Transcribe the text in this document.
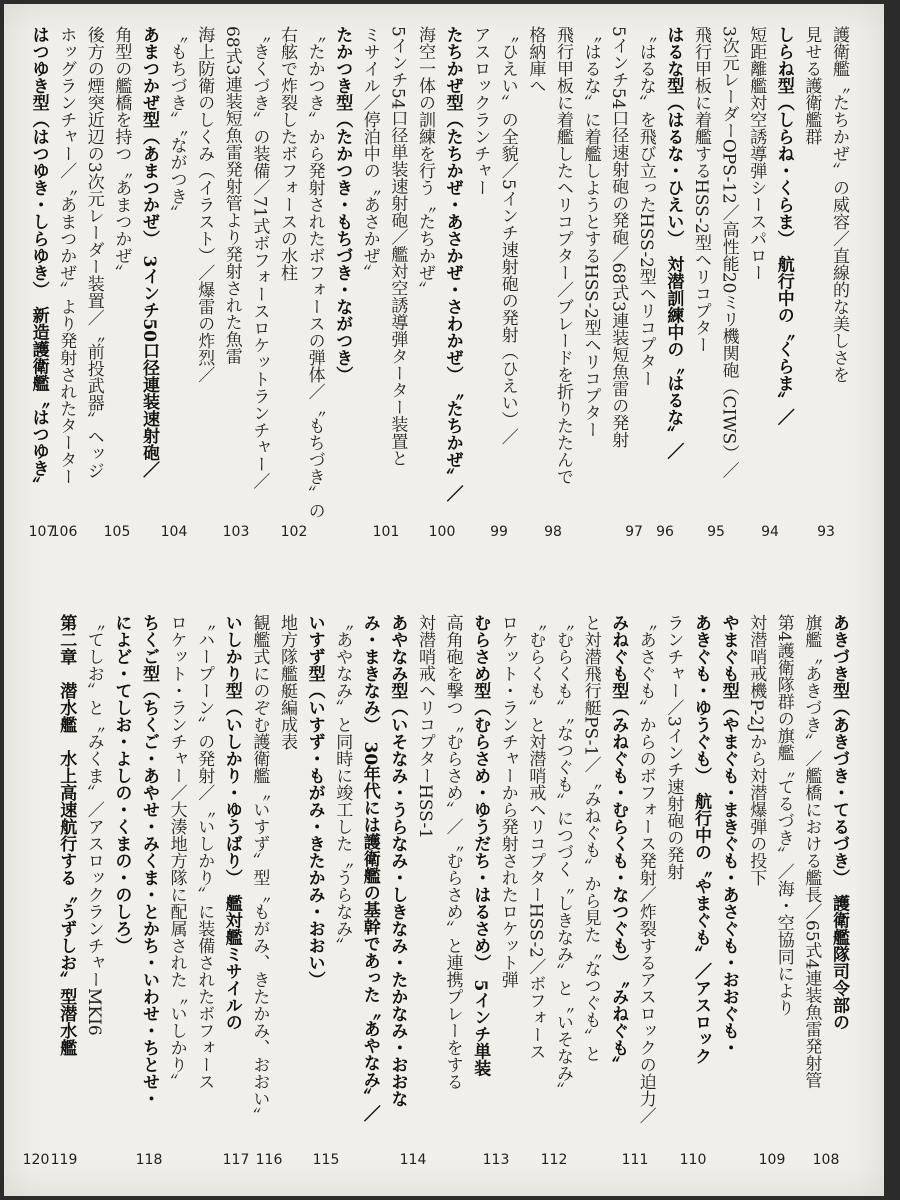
護衛艦〝たちかぜ〟の威容／直線的な美しさを
見せる護衛艦群
しらね型（しらね・くらま）　航行中の〝くらま〟／
短距離艦対空誘導弾シースパロー
3次元レーダーOPS-12／高性能20ミリ機関砲（CIWS）／
飛行甲板に着艦するHSS-2型ヘリコプター
はるな型（はるな・ひえい）　対潜訓練中の〝はるな〟／
〝はるな〟を飛び立ったHSS-2型ヘリコプター
5インチ54口径速射砲の発砲／68式3連装短魚雷の発射
〝はるな〟に着艦しようとするHSS-2型ヘリコプター
飛行甲板に着艦したヘリコプター／ブレードを折りたたんで
格納庫へ
〝ひえい〟の全貌／5インチ速射砲の発射（ひえい）／
アスロックランチャー
たちかぜ型（たちかぜ・あさかぜ・さわかぜ）　〝たちかぜ〟／
海空一体の訓練を行う〝たちかぜ〟
5インチ54口径単装速射砲／艦対空誘導弾ターター装置と
ミサイル／停泊中の〝あさかぜ〟
たかつき型（たかつき・もちづき・ながつき）
〝たかつき〟から発射されたボフォースの弾体／〝もちづき〟の
右舷で炸裂したボフォースの水柱
〝きくづき〟の装備／71式ボフォースロケットランチャー／
68式3連装短魚雷発射管より発射された魚雷
海上防衛のしくみ（イラスト）／爆雷の炸烈／
〝もちづき〟〝ながつき〟
あまつかぜ型（あまつかぜ）　3インチ50口径連装速射砲／
角型の艦橋を持つ〝あまつかぜ〟
後方の煙突近辺の3次元レーダー装置／〝前投武器〟ヘッジ
ホッグランチャー／〝あまつかぜ〟より発射されたターター
はつゆき型（はつゆき・しらゆき）　新造護衛艦〝はつゆき〟
あきづき型（あきづき・てるづき）　護衛艦隊司令部の
旗艦〝あきづき〟／艦橋における艦長／65式4連装魚雷発射管
第4護衛隊群の旗艦〝てるづき〟／海・空協同により
対潜哨戒機P-2Jから対潜爆弾の投下
やまぐも型（やまぐも・まきぐも・あさぐも・おおぐも・
あきぐも・ゆうぐも）　航行中の〝やまぐも〟／アスロック
ランチャー／3インチ速射砲の発射
〝あさぐも〟からのボフォース発射／炸裂するアスロックの迫力／
みねぐも型（みねぐも・むらくも・なつぐも）　〝みねぐも〟
と対潜飛行艇PS-1／〝みねぐも〟から見た〝なつぐも〟と
〝むらくも〟〝なつぐも〟につづく〝しきなみ〟と〝いそなみ〟
〝むらくも〟と対潜哨戒ヘリコプターHSS-2／ボフォース
ロケット・ランチャーから発射されたロケット弾
むらさめ型（むらさめ・ゆうだち・はるさめ）　5インチ単装
高角砲を撃つ〝むらさめ〟／〝むらさめ〟と連携プレーをする
対潜哨戒ヘリコプターHSS-1
あやなみ型（いそなみ・うらなみ・しきなみ・たかなみ・おおな
み・まきなみ）　30年代には護衛艦の基幹であった〝あやなみ〟／
〝あやなみ〟と同時に竣工した〝うらなみ〟
いすず型（いすず・もがみ・きたかみ・おおい）
地方隊艦艇編成表
観艦式にのぞむ護衛艦〝いすず〟型〝もがみ、きたかみ、おおい〟
いしかり型（いしかり・ゆうばり）　艦対艦ミサイルの
〝ハープーン〟の発射／〝いしかり〟に装備されたボフォース
ロケット・ランチャー／大湊地方隊に配属された〝いしかり〟
ちくご型（ちくご・あやせ・みくま・とかち・いわせ・ちとせ・
によど・てしお・よしの・くまの・のしろ）
〝てしお〟と〝みくま〟／アスロックランチャーMKI6
第二章　潜水艦　水上高速航行する〝うずしお〟型潜水艦
93
94
95
96
97
98
99
100
101
102
103
104
105
106
107
108
109
110
111
112
113
114
115
116
117
118
119
120
